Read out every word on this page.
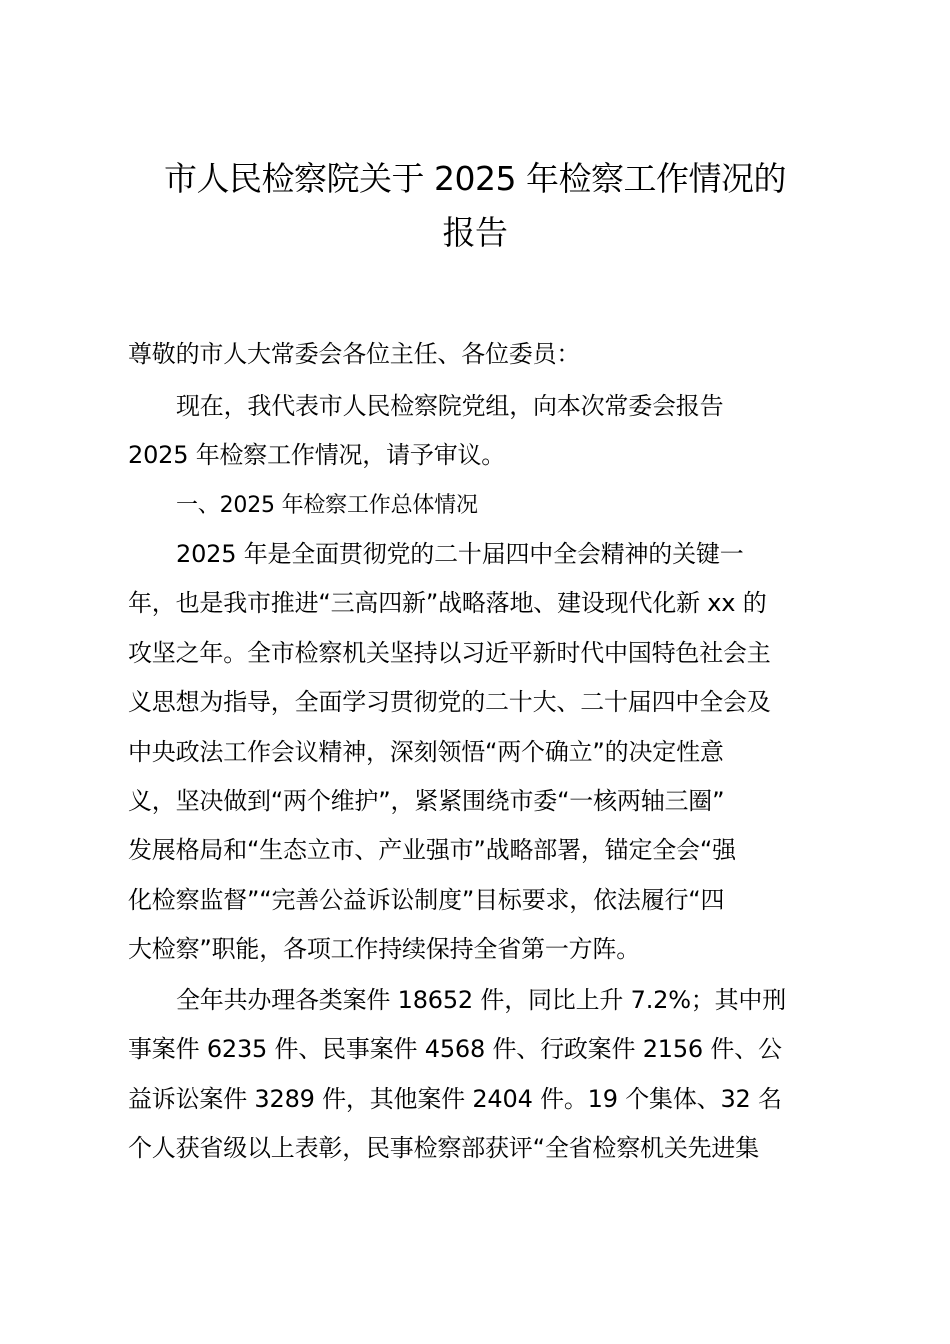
市人民检察院关于 2025 年检察工作情况的
报告
尊敬的市人大常委会各位主任、各位委员：
现在，我代表市人民检察院党组，向本次常委会报告
2025 年检察工作情况，请予审议。
一、2025 年检察工作总体情况
2025 年是全面贯彻党的二十届四中全会精神的关键一
年，也是我市推进“三高四新”战略落地、建设现代化新 xx 的
攻坚之年。全市检察机关坚持以习近平新时代中国特色社会主
义思想为指导，全面学习贯彻党的二十大、二十届四中全会及
中央政法工作会议精神，深刻领悟“两个确立”的决定性意
义，坚决做到“两个维护”，紧紧围绕市委“一核两轴三圈”
发展格局和“生态立市、产业强市”战略部署，锚定全会“强
化检察监督”“完善公益诉讼制度”目标要求，依法履行“四
大检察”职能，各项工作持续保持全省第一方阵。
全年共办理各类案件 18652 件，同比上升 7.2%；其中刑
事案件 6235 件、民事案件 4568 件、行政案件 2156 件、公
益诉讼案件 3289 件，其他案件 2404 件。19 个集体、32 名
个人获省级以上表彰，民事检察部获评“全省检察机关先进集
